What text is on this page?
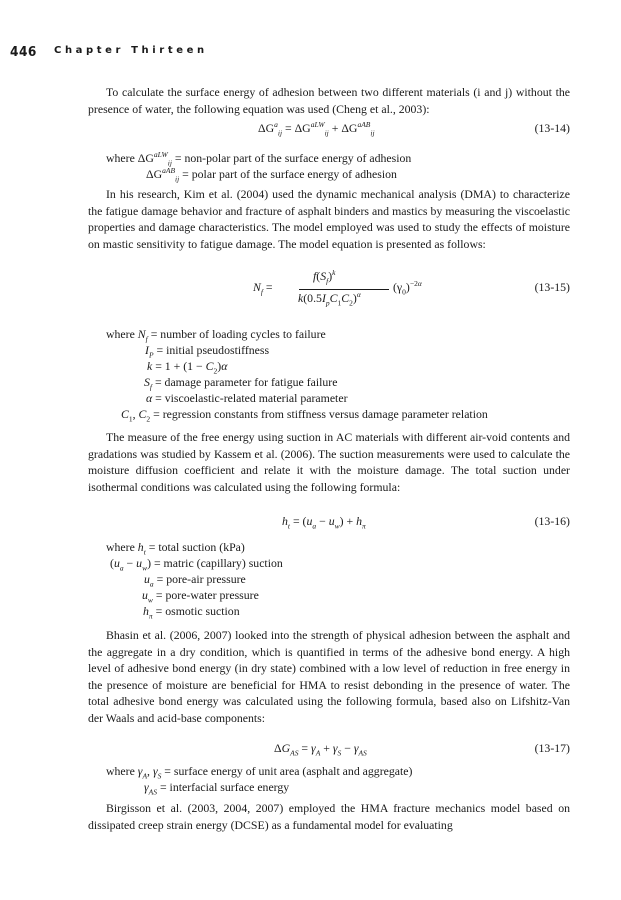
446 Chapter Thirteen

To calculate the surface energy of adhesion between two different materials (i and j) without the presence of water, the following equation was used (Cheng et al., 2003):

$\Delta G^a_{ij} = \Delta G^{aLW}_{ij} + \Delta G^{aAB}_{ij}$	(13-14)
where $\Delta G^{aLW}_{ij}$ = non-polar part of the surface energy of adhesion
$\Delta G^{aAB}_{ij}$ = polar part of the surface energy of adhesion

In his research, Kim et al. (2004) used the dynamic mechanical analysis (DMA) to characterize the fatigue damage behavior and fracture of asphalt binders and mastics by measuring the viscoelastic properties and damage characteristics. The model employed was used to study the effects of moisture on mastic sensitivity to fatigue damage. The model equation is presented as follows:

$N_f$ =
$f(S_f)^k$
$k(0.5I_pC_1C_2)^\alpha$
$(\gamma_0)^{-2\alpha}$	(13-15)
where $N_f$ = number of loading cycles to failure
$I_P$ = initial pseudostiffness
$k = 1 + (1 - C_2)\alpha$
$S_f$ = damage parameter for fatigue failure
α = viscoelastic-related material parameter
$C_1$, $C_2$ = regression constants from stiffness versus damage parameter relation

The measure of the free energy using suction in AC materials with different air-void contents and gradations was studied by Kassem et al. (2006). The suction measurements were used to calculate the moisture diffusion coefficient and relate it with the moisture damage. The total suction under isothermal conditions was calculated using the following formula:

$h_t = (u_a - u_w) + h_\pi$	(13-16)
where $h_t$ = total suction (kPa)
$(u_a - u_w)$ = matric (capillary) suction
$u_a$ = pore-air pressure
$u_w$ = pore-water pressure
$h_\pi$ = osmotic suction

Bhasin et al. (2006, 2007) looked into the strength of physical adhesion between the asphalt and the aggregate in a dry condition, which is quantified in terms of the adhesive bond energy. A high level of adhesive bond energy (in dry state) combined with a low level of reduction in free energy in the presence of moisture are beneficial for HMA to resist debonding in the presence of water. The total adhesive bond energy was calculated using the following formula, based also on Lifshitz-Van der Waals and acid-base components:

$\Delta G_{AS} = \gamma_A + \gamma_S - \gamma_{AS}$	(13-17)
where $\gamma_A$, $\gamma_S$ = surface energy of unit area (asphalt and aggregate)
$\gamma_{AS}$ = interfacial surface energy

Birgisson et al. (2003, 2004, 2007) employed the HMA fracture mechanics model based on dissipated creep strain energy (DCSE) as a fundamental model for evaluating
